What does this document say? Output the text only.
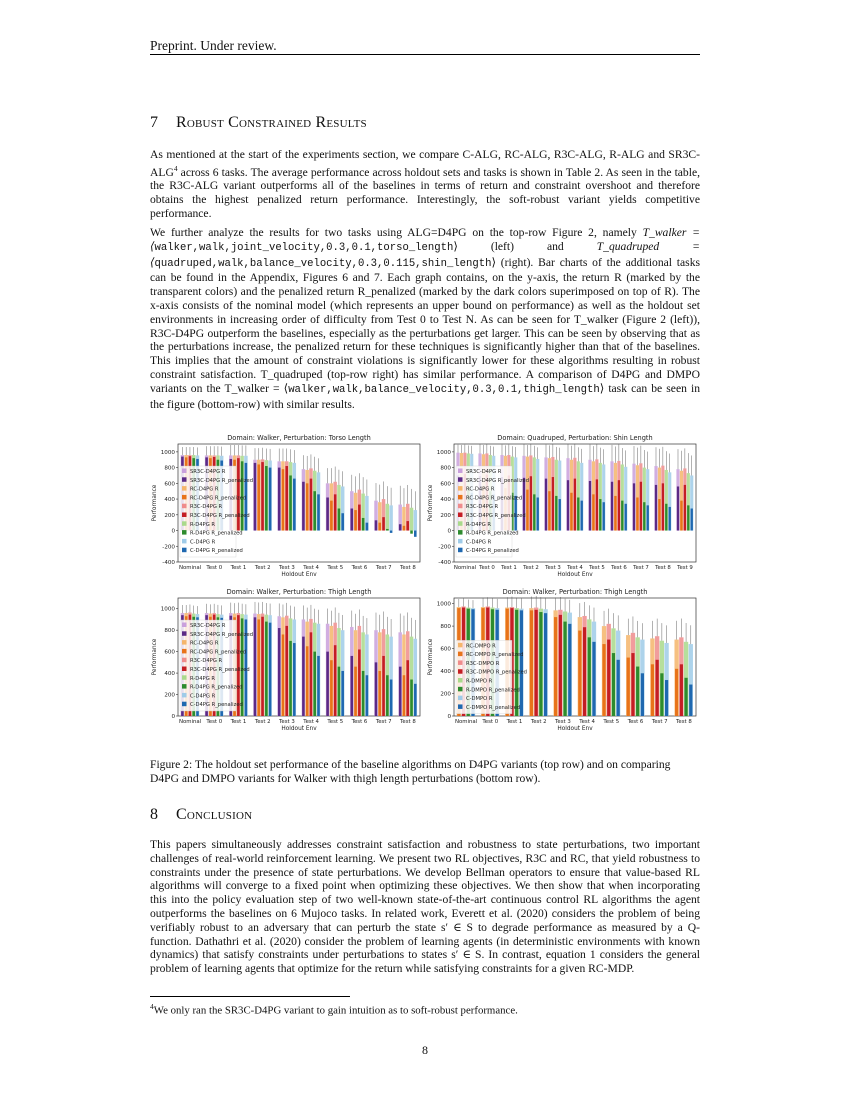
Preprint. Under review.
7 Robust Constrained Results

As mentioned at the start of the experiments section, we compare C-ALG, RC-ALG, R3C-ALG, R-ALG and SR3C-ALG$^4$ across 6 tasks. The average performance across holdout sets and tasks is shown in Table 2. As seen in the table, the R3C-ALG variant outperforms all of the baselines in terms of return and constraint overshoot and therefore obtains the highest penalized return performance. Interestingly, the soft-robust variant yields competitive performance.

We further analyze the results for two tasks using ALG=D4PG on the top-row Figure 2, namely T_walker = ⟨walker,walk,joint_velocity,0.3,0.1,torso_length⟩ (left) and T_quadruped = ⟨quadruped,walk,balance_velocity,0.3,0.115,shin_length⟩ (right). Bar charts of the additional tasks can be found in the Appendix, Figures 6 and 7. Each graph contains, on the y-axis, the return R (marked by the transparent colors) and the penalized return R_penalized (marked by the dark colors superimposed on top of R). The x-axis consists of the nominal model (which represents an upper bound on performance) as well as the holdout set environments in increasing order of difficulty from Test 0 to Test N. As can be seen for T_walker (Figure 2 (left)), R3C-D4PG outperform the baselines, especially as the perturbations get larger. This can be seen by observing that as the perturbations increase, the penalized return for these techniques is significantly higher than that of the baselines. This implies that the amount of constraint violations is significantly lower for these algorithms resulting in robust constraint satisfaction. T_quadruped (top-row right) has similar performance. A comparison of D4PG and DMPO variants on the T_walker = ⟨walker,walk,balance_velocity,0.3,0.1,thigh_length⟩ task can be seen in the figure (bottom-row) with similar results.

Domain: Walker, Perturbation: Torso Length
-400
-200
0
200
400
600
800
1000
Performance
Nominal Test 0 Test 1 Test 2 Test 3 Test 4 Test 5 Test 6 Test 7 Test 8
Holdout Env
SR3C-D4PG R
SR3C-D4PG R_penalized
RC-D4PG R
RC-D4PG R_penalized
R3C-D4PG R
R3C-D4PG R_penalized
R-D4PG R
R-D4PG R_penalized
C-D4PG R
C-D4PG R_penalized
Domain: Quadruped, Perturbation: Shin Length
-400
-200
0
200
400
600
800
1000
Performance
Nominal Test 0 Test 1 Test 2 Test 3 Test 4 Test 5 Test 6 Test 7 Test 8 Test 9
Holdout Env
SR3C-D4PG R
SR3C-D4PG R_penalized
RC-D4PG R
RC-D4PG R_penalized
R3C-D4PG R
R3C-D4PG R_penalized
R-D4PG R
R-D4PG R_penalized
C-D4PG R
C-D4PG R_penalized
Domain: Walker, Perturbation: Thigh Length
0
200
400
600
800
1000
Performance
Nominal Test 0 Test 1 Test 2 Test 3 Test 4 Test 5 Test 6 Test 7 Test 8
Holdout Env
SR3C-D4PG R
SR3C-D4PG R_penalized
RC-D4PG R
RC-D4PG R_penalized
R3C-D4PG R
R3C-D4PG R_penalized
R-D4PG R
R-D4PG R_penalized
C-D4PG R
C-D4PG R_penalized
Domain: Walker, Perturbation: Thigh Length
0
200
400
600
800
1000
Performance
Nominal Test 0 Test 1 Test 2 Test 3 Test 4 Test 5 Test 6 Test 7 Test 8
Holdout Env
RC-DMPO R
RC-DMPO R_penalized
R3C-DMPO R
R3C-DMPO R_penalized
R-DMPO R
R-DMPO R_penalized
C-DMPO R
C-DMPO R_penalized

Figure 2: The holdout set performance of the baseline algorithms on D4PG variants (top row) and on comparing D4PG and DMPO variants for Walker with thigh length perturbations (bottom row).

8 Conclusion

This papers simultaneously addresses constraint satisfaction and robustness to state perturbations, two important challenges of real-world reinforcement learning. We present two RL objectives, R3C and RC, that yield robustness to constraints under the presence of state perturbations. We develop Bellman operators to ensure that value-based RL algorithms will converge to a fixed point when optimizing these objectives. We then show that when incorporating this into the policy evaluation step of two well-known state-of-the-art continuous control RL algorithms the agent outperforms the baselines on 6 Mujoco tasks. In related work, Everett et al. (2020) considers the problem of being verifiably robust to an adversary that can perturb the state s′ ∈ S to degrade performance as measured by a Q-function. Dathathri et al. (2020) consider the problem of learning agents (in deterministic environments with known dynamics) that satisfy constraints under perturbations to states s′ ∈ S. In contrast, equation 1 considers the general problem of learning agents that optimize for the return while satisfying constraints for a given RC-MDP.

$^4$We only ran the SR3C-D4PG variant to gain intuition as to soft-robust performance.
8
